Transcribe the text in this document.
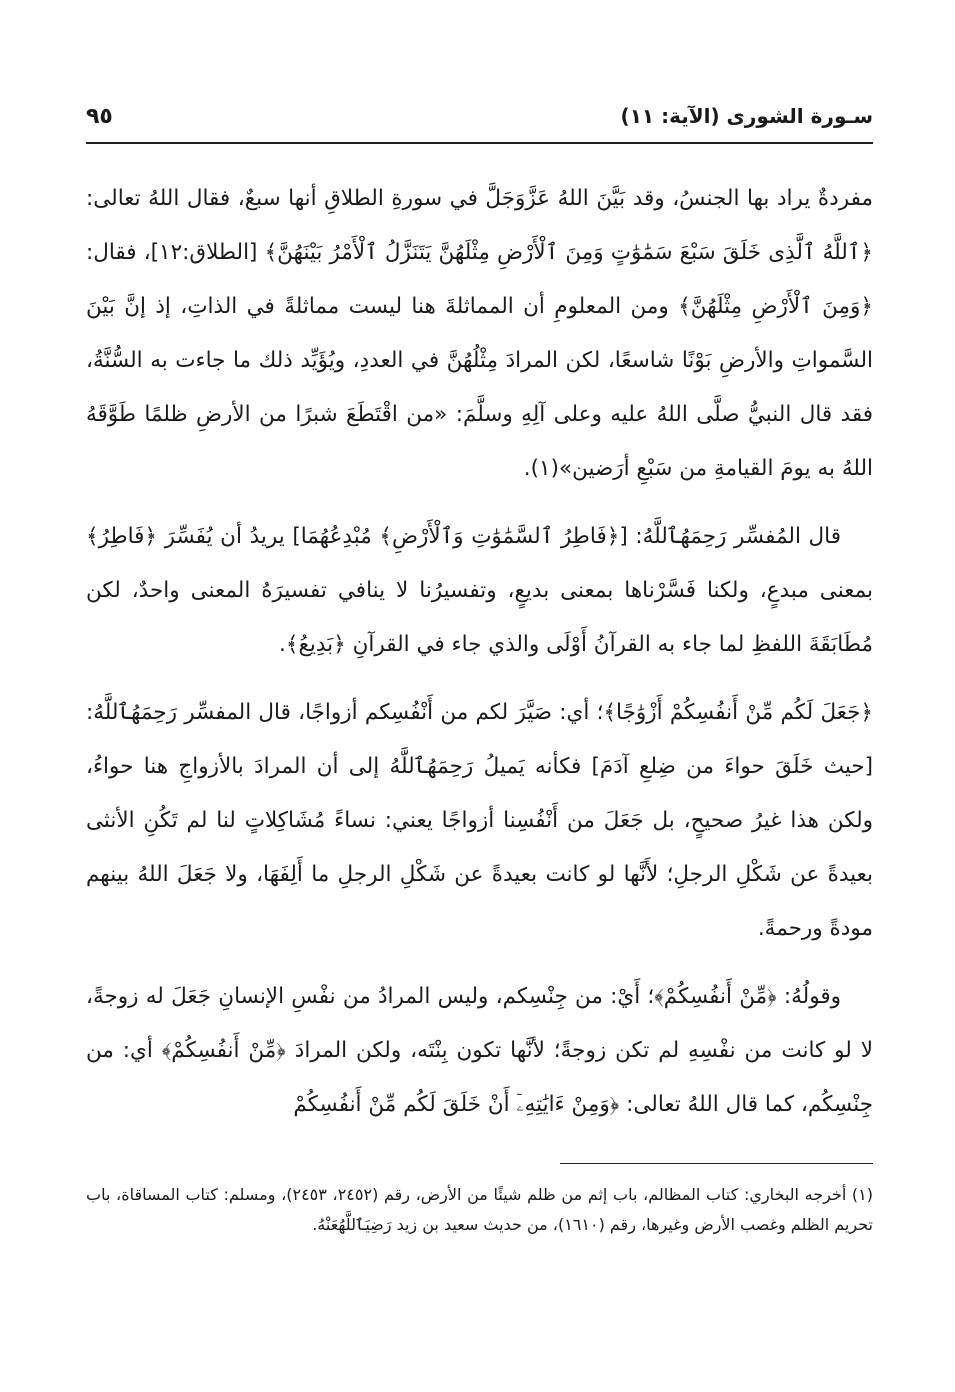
سـورة الشورى (الآية: ١١)
٩٥

مفردةٌ يراد بها الجنسُ، وقد بَيَّنَ اللهُ عَزَّوَجَلَّ في سورةِ الطلاقِ أنها سبعٌ، فقال اللهُ تعالى: ﴿ٱللَّهُ ٱلَّذِى خَلَقَ سَبْعَ سَمَٰوَٰتٍ وَمِنَ ٱلْأَرْضِ مِثْلَهُنَّ يَتَنَزَّلُ ٱلْأَمْرُ بَيْنَهُنَّ﴾ [الطلاق:١٢]، فقال: ﴿وَمِنَ ٱلْأَرْضِ مِثْلَهُنَّ﴾ ومن المعلومِ أن المماثلةَ هنا ليست مماثلةً في الذاتِ، إذ إنَّ بَيْنَ السَّمواتِ والأرضِ بَوْنًا شاسعًا، لكن المرادَ مِثْلُهُنَّ في العددِ، ويُؤَيِّد ذلك ما جاءت به السُّنَّةُ، فقد قال النبيُّ صلَّى اللهُ عليه وعلى آلِهِ وسلَّمَ: «من اقْتَطَعَ شبرًا من الأرضِ ظلمًا طَوَّقَهُ اللهُ به يومَ القيامةِ من سَبْعِ أرَضين»(١).

قال المُفسِّر رَحِمَهُٱللَّهُ: [﴿فَاطِرُ ٱلسَّمَٰوَٰتِ وَٱلْأَرْضِ﴾ مُبْدِعُهُمَا] يريدُ أن يُفَسِّرَ ﴿فَاطِرُ﴾ بمعنى مبدعٍ، ولكنا فَسَّرْناها بمعنى بديعٍ، وتفسيرُنا لا ينافي تفسيرَهُ المعنى واحدٌ، لكن مُطَابَقَةَ اللفظِ لما جاء به القرآنُ أَوْلَى والذي جاء في القرآنِ ﴿بَدِيعُ﴾.

﴿جَعَلَ لَكُم مِّنْ أَنفُسِكُمْ أَزْوَٰجًا﴾؛ أي: صَيَّرَ لكم من أَنْفُسِكم أزواجًا، قال المفسِّر رَحِمَهُٱللَّهُ: [حيث خَلَقَ حواءَ من ضِلعِ آدَمَ] فكأنه يَميلُ رَحِمَهُٱللَّهُ إلى أن المرادَ بالأزواجِ هنا حواءُ، ولكن هذا غيرُ صحيحٍ، بل جَعَلَ من أَنْفُسِنا أزواجًا يعني: نساءً مُشَاكِلاتٍ لنا لم تَكُنِ الأنثى بعيدةً عن شَكْلِ الرجلِ؛ لأَنَّها لو كانت بعيدةً عن شَكْلِ الرجلِ ما أَلِفَهَا، ولا جَعَلَ اللهُ بينهم مودةً ورحمةً.

وقولُهُ: ﴿مِّنْ أَنفُسِكُمْ﴾؛ أَيْ: من جِنْسِكم، وليس المرادُ من نفْسِ الإنسانِ جَعَلَ له زوجةً، لا لو كانت من نفْسِهِ لم تكن زوجةً؛ لأنَّها تكون بِنْتَه، ولكن المرادَ ﴿مِّنْ أَنفُسِكُمْ﴾ أي: من جِنْسِكُم، كما قال اللهُ تعالى: ﴿وَمِنْ ءَايَٰتِهِۦٓ أَنْ خَلَقَ لَكُم مِّنْ أَنفُسِكُمْ

(١) أخرجه البخاري: كتاب المظالم، باب إثم من ظلم شيئًا من الأرض، رقم (٢٤٥٢، ٢٤٥٣)، ومسلم: كتاب المساقاة، باب تحريم الظلم وغصب الأرض وغيرها، رقم (١٦١٠)، من حديث سعيد بن زيد رَضِيَٱللَّهُعَنْهُ.
